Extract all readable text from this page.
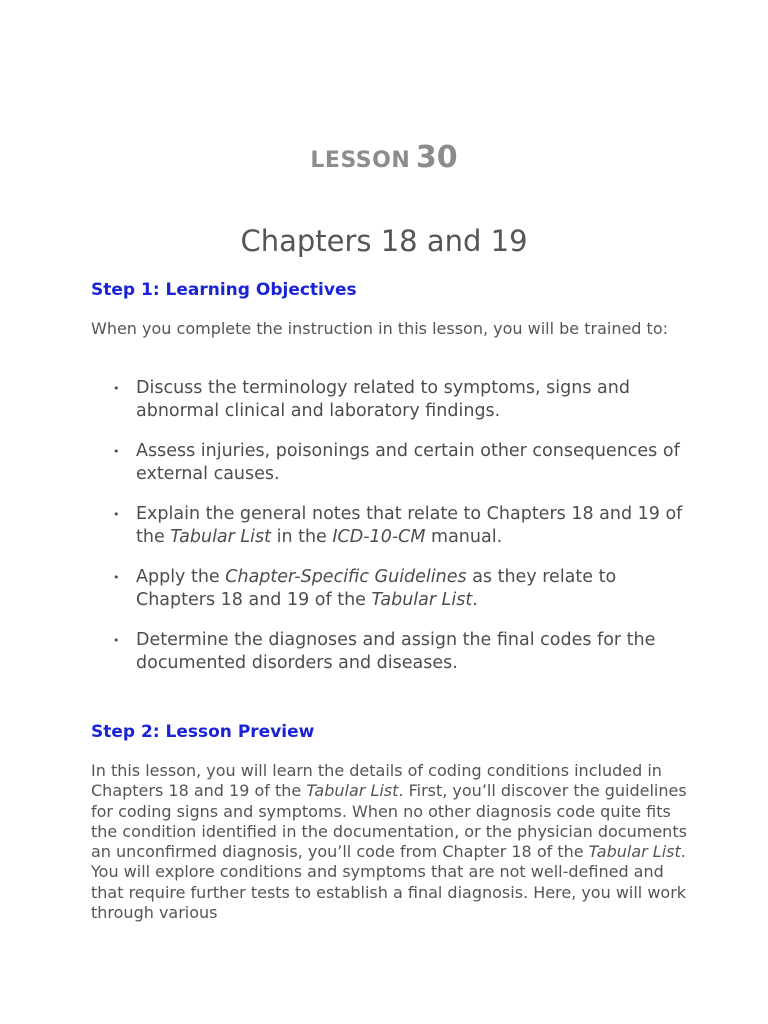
LESSON 30
Chapters 18 and 19
Step 1: Learning Objectives
When you complete the instruction in this lesson, you will be trained to:
• Discuss the terminology related to symptoms, signs and abnormal clinical and laboratory findings.
• Assess injuries, poisonings and certain other consequences of external causes.
• Explain the general notes that relate to Chapters 18 and 19 of the Tabular List in the ICD-10-CM manual.
• Apply the Chapter-Specific Guidelines as they relate to Chapters 18 and 19 of the Tabular List.
• Determine the diagnoses and assign the final codes for the documented disorders and diseases.
Step 2: Lesson Preview
In this lesson, you will learn the details of coding conditions included in Chapters 18 and 19 of the Tabular List. First, you’ll discover the guidelines for coding signs and symptoms. When no other diagnosis code quite fits the condition identified in the documentation, or the physician documents an unconfirmed diagnosis, you’ll code from Chapter 18 of the Tabular List. You will explore conditions and symptoms that are not well-defined and that require further tests to establish a final diagnosis. Here, you will work through various
